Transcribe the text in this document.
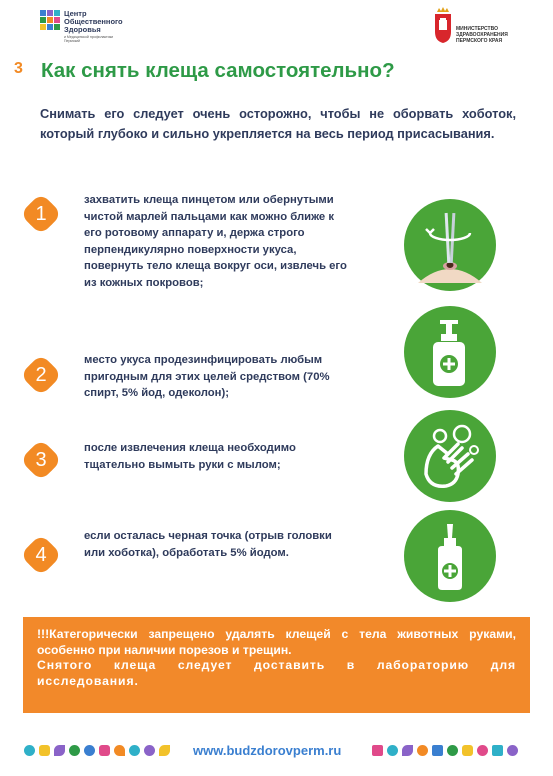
Центр
Общественного
Здоровья
и Медицинской профилактики Пермский
МИНИСТЕРСТВО
ЗДРАВООХРАНЕНИЯ
ПЕРМСКОГО КРАЯ
3 Как снять клеща самостоятельно?
Снимать его следует очень осторожно, чтобы не оборвать хоботок, который глубоко и сильно укрепляется на весь период присасывания.
1
захватить клеща пинцетом или обернутыми чистой марлей пальцами как можно ближе к его ротовому аппарату и, держа строго перпендикулярно поверхности укуса, повернуть тело клеща вокруг оси, извлечь его из кожных покровов;
2
место укуса продезинфицировать любым пригодным для этих целей средством (70% спирт, 5% йод, одеколон);
3
после извлечения клеща необходимо тщательно вымыть руки с мылом;
4
если осталась черная точка (отрыв головки или хоботка), обработать 5% йодом.

!!!Категорически запрещено удалять клещей с тела животных руками, особенно при наличии порезов и трещин.

Снятого клеща следует доставить в лабораторию для исследования.

www.budzdorovperm.ru
